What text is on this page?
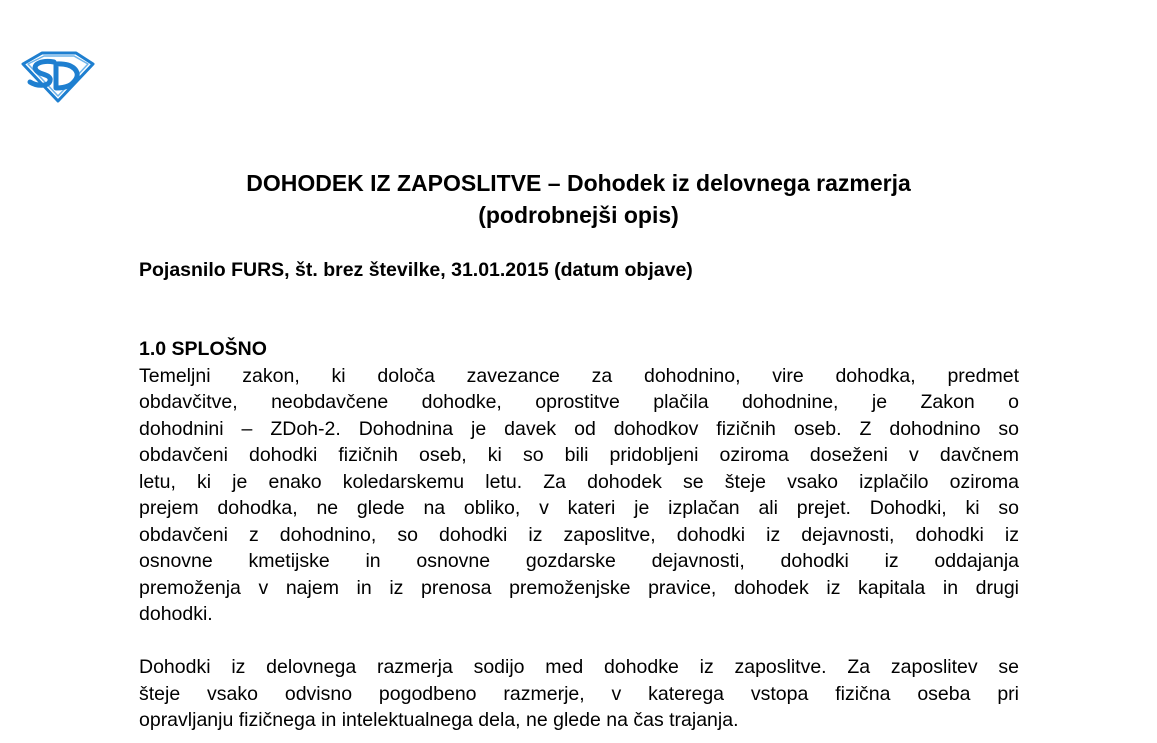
DOHODEK IZ ZAPOSLITVE – Dohodek iz delovnega razmerja
(podrobnejši opis)

Pojasnilo FURS, št. brez številke, 31.01.2015 (datum objave)

1.0 SPLOŠNO

Temeljni zakon, ki določa zavezance za dohodnino, vire dohodka, predmet
obdavčitve, neobdavčene dohodke, oprostitve plačila dohodnine, je Zakon o
dohodnini – ZDoh-2. Dohodnina je davek od dohodkov fizičnih oseb. Z dohodnino so
obdavčeni dohodki fizičnih oseb, ki so bili pridobljeni oziroma doseženi v davčnem
letu, ki je enako koledarskemu letu. Za dohodek se šteje vsako izplačilo oziroma
prejem dohodka, ne glede na obliko, v kateri je izplačan ali prejet. Dohodki, ki so
obdavčeni z dohodnino, so dohodki iz zaposlitve, dohodki iz dejavnosti, dohodki iz
osnovne kmetijske in osnovne gozdarske dejavnosti, dohodki iz oddajanja
premoženja v najem in iz prenosa premoženjske pravice, dohodek iz kapitala in drugi
dohodki.

Dohodki iz delovnega razmerja sodijo med dohodke iz zaposlitve. Za zaposlitev se
šteje vsako odvisno pogodbeno razmerje, v katerega vstopa fizična oseba pri
opravljanju fizičnega in intelektualnega dela, ne glede na čas trajanja.
